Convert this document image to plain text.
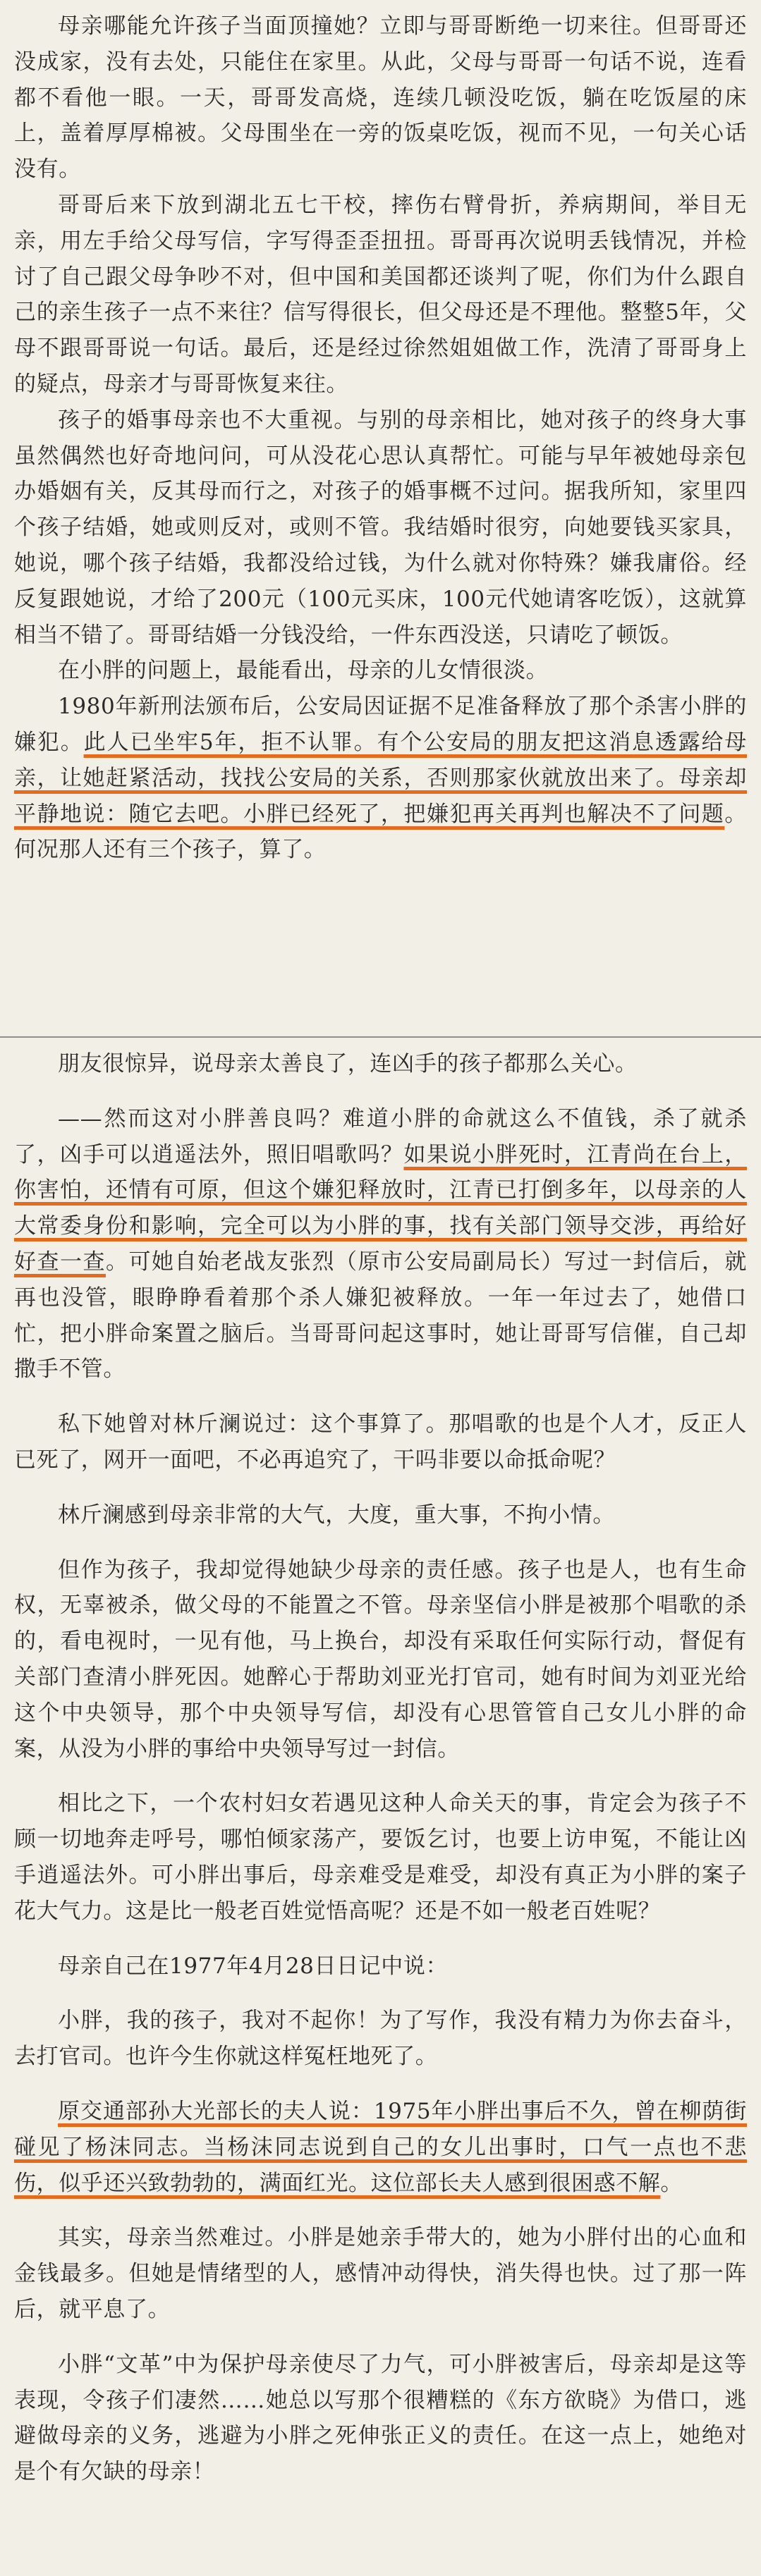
母亲哪能允许孩子当面顶撞她？立即与哥哥断绝一切来往。但哥哥还没成家，没有去处，只能住在家里。从此，父母与哥哥一句话不说，连看都不看他一眼。一天，哥哥发高烧，连续几顿没吃饭，躺在吃饭屋的床上，盖着厚厚棉被。父母围坐在一旁的饭桌吃饭，视而不见，一句关心话没有。

哥哥后来下放到湖北五七干校，摔伤右臂骨折，养病期间，举目无亲，用左手给父母写信，字写得歪歪扭扭。哥哥再次说明丢钱情况，并检讨了自己跟父母争吵不对，但中国和美国都还谈判了呢，你们为什么跟自己的亲生孩子一点不来往？信写得很长，但父母还是不理他。整整5年，父母不跟哥哥说一句话。最后，还是经过徐然姐姐做工作，洗清了哥哥身上的疑点，母亲才与哥哥恢复来往。

孩子的婚事母亲也不大重视。与别的母亲相比，她对孩子的终身大事虽然偶然也好奇地问问，可从没花心思认真帮忙。可能与早年被她母亲包办婚姻有关，反其母而行之，对孩子的婚事概不过问。据我所知，家里四个孩子结婚，她或则反对，或则不管。我结婚时很穷，向她要钱买家具，她说，哪个孩子结婚，我都没给过钱，为什么就对你特殊？嫌我庸俗。经反复跟她说，才给了200元（100元买床，100元代她请客吃饭），这就算相当不错了。哥哥结婚一分钱没给，一件东西没送，只请吃了顿饭。

在小胖的问题上，最能看出，母亲的儿女情很淡。

1980年新刑法颁布后，公安局因证据不足准备释放了那个杀害小胖的嫌犯。此人已坐牢5年，拒不认罪。有个公安局的朋友把这消息透露给母亲，让她赶紧活动，找找公安局的关系，否则那家伙就放出来了。母亲却平静地说：随它去吧。小胖已经死了，把嫌犯再关再判也解决不了问题。何况那人还有三个孩子，算了。

朋友很惊异，说母亲太善良了，连凶手的孩子都那么关心。

——然而这对小胖善良吗？难道小胖的命就这么不值钱，杀了就杀了，凶手可以逍遥法外，照旧唱歌吗？如果说小胖死时，江青尚在台上，你害怕，还情有可原，但这个嫌犯释放时，江青已打倒多年，以母亲的人大常委身份和影响，完全可以为小胖的事，找有关部门领导交涉，再给好好查一查。可她自始老战友张烈（原市公安局副局长）写过一封信后，就再也没管，眼睁睁看着那个杀人嫌犯被释放。一年一年过去了，她借口忙，把小胖命案置之脑后。当哥哥问起这事时，她让哥哥写信催，自己却撒手不管。

私下她曾对林斤澜说过：这个事算了。那唱歌的也是个人才，反正人已死了，网开一面吧，不必再追究了，干吗非要以命抵命呢？

林斤澜感到母亲非常的大气，大度，重大事，不拘小情。

但作为孩子，我却觉得她缺少母亲的责任感。孩子也是人，也有生命权，无辜被杀，做父母的不能置之不管。母亲坚信小胖是被那个唱歌的杀的，看电视时，一见有他，马上换台，却没有采取任何实际行动，督促有关部门查清小胖死因。她醉心于帮助刘亚光打官司，她有时间为刘亚光给这个中央领导，那个中央领导写信，却没有心思管管自己女儿小胖的命案，从没为小胖的事给中央领导写过一封信。

相比之下，一个农村妇女若遇见这种人命关天的事，肯定会为孩子不顾一切地奔走呼号，哪怕倾家荡产，要饭乞讨，也要上访申冤，不能让凶手逍遥法外。可小胖出事后，母亲难受是难受，却没有真正为小胖的案子花大气力。这是比一般老百姓觉悟高呢？还是不如一般老百姓呢？

母亲自己在1977年4月28日日记中说：

小胖，我的孩子，我对不起你！为了写作，我没有精力为你去奋斗，去打官司。也许今生你就这样冤枉地死了。

原交通部孙大光部长的夫人说：1975年小胖出事后不久，曾在柳荫街碰见了杨沫同志。当杨沫同志说到自己的女儿出事时，口气一点也不悲伤，似乎还兴致勃勃的，满面红光。这位部长夫人感到很困惑不解。

其实，母亲当然难过。小胖是她亲手带大的，她为小胖付出的心血和金钱最多。但她是情绪型的人，感情冲动得快，消失得也快。过了那一阵后，就平息了。

小胖“文革”中为保护母亲使尽了力气，可小胖被害后，母亲却是这等表现，令孩子们凄然……她总以写那个很糟糕的《东方欲晓》为借口，逃避做母亲的义务，逃避为小胖之死伸张正义的责任。在这一点上，她绝对是个有欠缺的母亲！
